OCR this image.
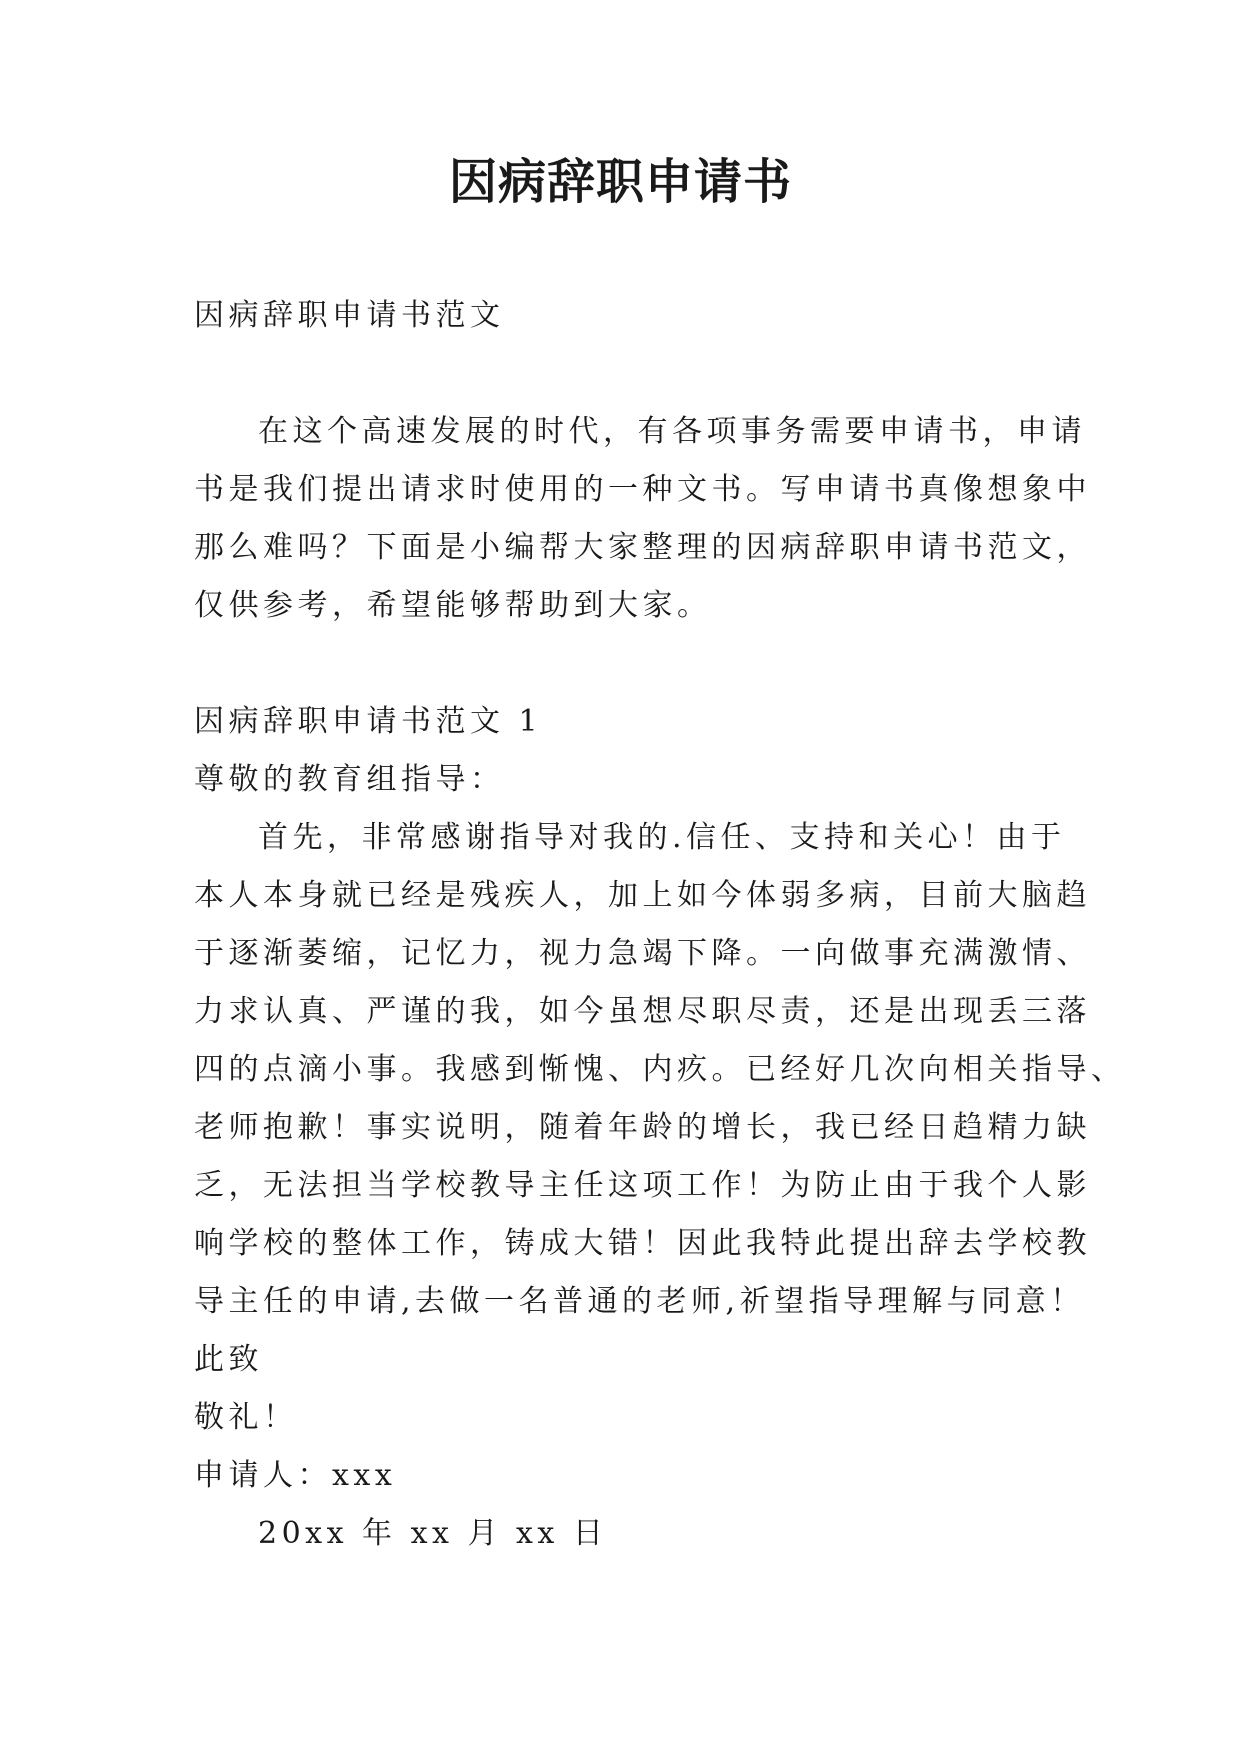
因病辞职申请书
因病辞职申请书范文
在这个高速发展的时代，有各项事务需要申请书，申请
书是我们提出请求时使用的一种文书。写申请书真像想象中
那么难吗？下面是小编帮大家整理的因病辞职申请书范文，
仅供参考，希望能够帮助到大家。
因病辞职申请书范文 1
尊敬的教育组指导：
首先，非常感谢指导对我的.信任、支持和关心！由于
本人本身就已经是残疾人，加上如今体弱多病，目前大脑趋
于逐渐萎缩，记忆力，视力急竭下降。一向做事充满激情、
力求认真、严谨的我，如今虽想尽职尽责，还是出现丢三落
四的点滴小事。我感到惭愧、内疚。已经好几次向相关指导、
老师抱歉！事实说明，随着年龄的增长，我已经日趋精力缺
乏，无法担当学校教导主任这项工作！为防止由于我个人影
响学校的整体工作，铸成大错！因此我特此提出辞去学校教
导主任的申请,去做一名普通的老师,祈望指导理解与同意！
此致
敬礼！
申请人：xxx
20xx 年 xx 月 xx 日
